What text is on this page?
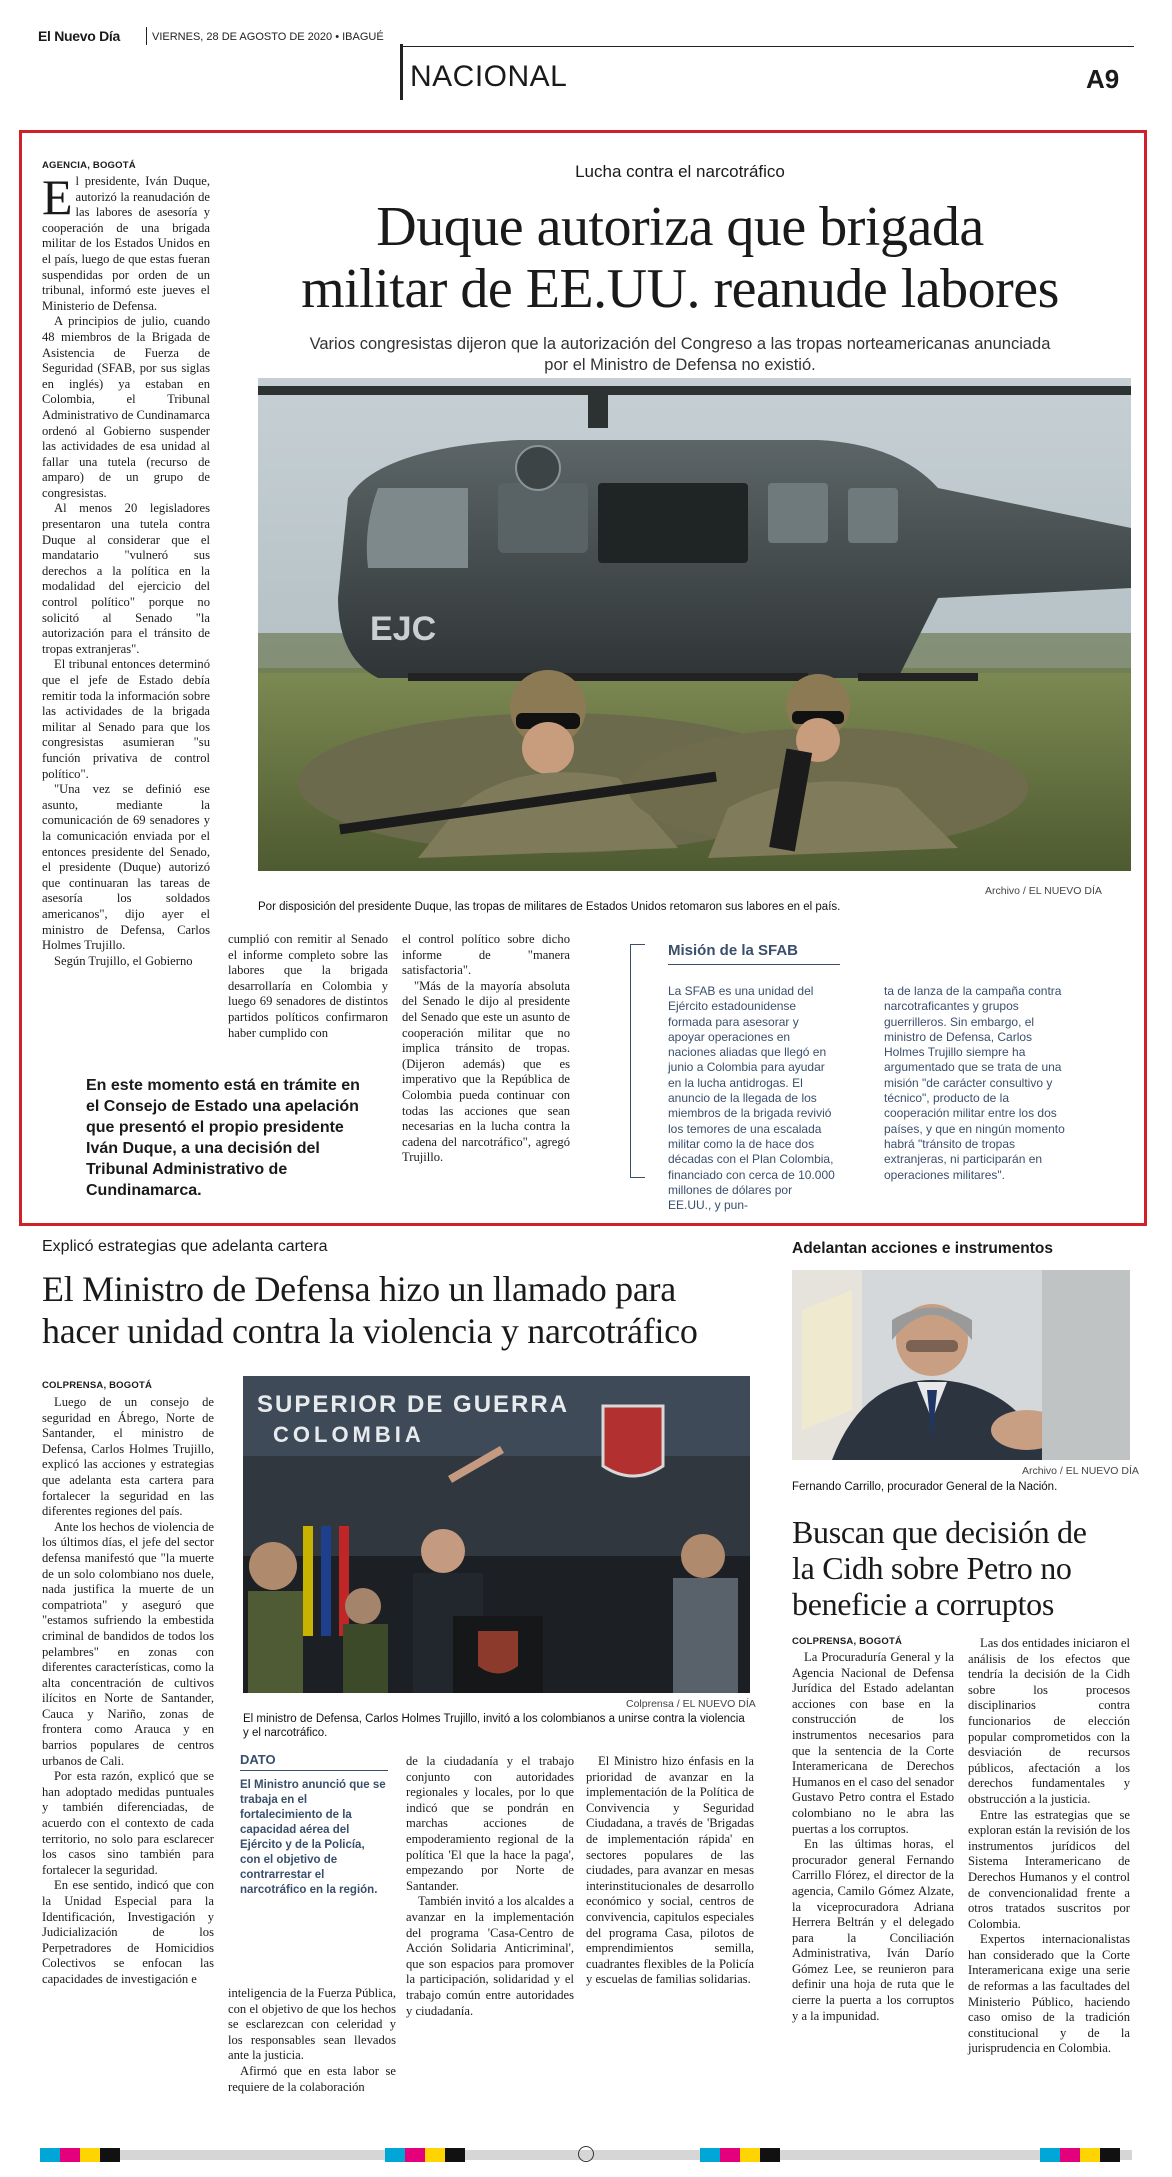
El Nuevo Día	VIERNES, 28 DE AGOSTO DE 2020 • IBAGUÉ
NACIONAL	A9
Lucha contra el narcotráfico
Duque autoriza que brigada
militar de EE.UU. reanude labores
Varios congresistas dijeron que la autorización del Congreso a las tropas norteamericanas anunciada
por el Ministro de Defensa no existió.
EJC
Archivo / EL NUEVO DÍA
Por disposición del presidente Duque, las tropas de militares de Estados Unidos retomaron sus labores en el país.
AGENCIA, BOGOTÁ
E l presidente, Iván Duque, autorizó la reanudación de las labores de asesoría y cooperación de una brigada militar de los Estados Unidos en el país, luego de que estas fueran suspendidas por orden de un tribunal, informó este jueves el Ministerio de Defensa.

A principios de julio, cuando 48 miembros de la Brigada de Asistencia de Fuerza de Seguridad (SFAB, por sus siglas en inglés) ya estaban en Colombia, el Tribunal Administrativo de Cundinamarca ordenó al Gobierno suspender las actividades de esa unidad al fallar una tutela (recurso de amparo) de un grupo de congresistas.

Al menos 20 legisladores presentaron una tutela contra Duque al considerar que el mandatario "vulneró sus derechos a la política en la modalidad del ejercicio del control político" porque no solicitó al Senado "la autorización para el tránsito de tropas extranjeras".

El tribunal entonces determinó que el jefe de Estado debía remitir toda la información sobre las actividades de la brigada militar al Senado para que los congresistas asumieran "su función privativa de control político".

"Una vez se definió ese asunto, mediante la comunicación de 69 senadores y la comunicación enviada por el entonces presidente del Senado, el presidente (Duque) autorizó que continuaran las tareas de asesoría los soldados americanos", dijo ayer el ministro de Defensa, Carlos Holmes Trujillo.

Según Trujillo, el Gobierno

cumplió con remitir al Senado el informe completo sobre las labores que la brigada desarrollaría en Colombia y luego 69 senadores de distintos partidos políticos confirmaron haber cumplido con

el control político sobre dicho informe de "manera satisfactoria".

"Más de la mayoría absoluta del Senado le dijo al presidente del Senado que este un asunto de cooperación militar que no implica tránsito de tropas. (Dijeron además) que es imperativo que la República de Colombia pueda continuar con todas las acciones que sean necesarias en la lucha contra la cadena del narcotráfico", agregó Trujillo.

En este momento está en trámite en el Consejo de Estado una apelación que presentó el propio presidente Iván Duque, a una decisión del Tribunal Administrativo de Cundinamarca.
Misión de la SFAB
La SFAB es una unidad del Ejército estadounidense formada para asesorar y apoyar operaciones en naciones aliadas que llegó en junio a Colombia para ayudar en la lucha antidrogas. El anuncio de la llegada de los miembros de la brigada revivió los temores de una escalada militar como la de hace dos décadas con el Plan Colombia, financiado con cerca de 10.000 millones de dólares por EE.UU., y pun-
ta de lanza de la campaña contra narcotraficantes y grupos guerrilleros. Sin embargo, el ministro de Defensa, Carlos Holmes Trujillo siempre ha argumentado que se trata de una misión "de carácter consultivo y técnico", producto de la cooperación militar entre los dos países, y que en ningún momento habrá "tránsito de tropas extranjeras, ni participarán en operaciones militares".
Explicó estrategias que adelanta cartera
El Ministro de Defensa hizo un llamado para
hacer unidad contra la violencia y narcotráfico
COLPRENSA, BOGOTÁ

Luego de un consejo de seguridad en Ábrego, Norte de Santander, el ministro de Defensa, Carlos Holmes Trujillo, explicó las acciones y estrategias que adelanta esta cartera para fortalecer la seguridad en las diferentes regiones del país.

Ante los hechos de violencia de los últimos días, el jefe del sector defensa manifestó que "la muerte de un solo colombiano nos duele, nada justifica la muerte de un compatriota" y aseguró que "estamos sufriendo la embestida criminal de bandidos de todos los pelambres" en zonas con diferentes características, como la alta concentración de cultivos ilícitos en Norte de Santander, Cauca y Nariño, zonas de frontera como Arauca y en barrios populares de centros urbanos de Cali.

Por esta razón, explicó que se han adoptado medidas puntuales y también diferenciadas, de acuerdo con el contexto de cada territorio, no solo para esclarecer los casos sino también para fortalecer la seguridad.

En ese sentido, indicó que con la Unidad Especial para la Identificación, Investigación y Judicialización de los Perpetradores de Homicidios Colectivos se enfocan las capacidades de investigación e

SUPERIOR DE GUERRA
COLOMBIA
Colprensa / EL NUEVO DÍA
El ministro de Defensa, Carlos Holmes Trujillo, invitó a los colombianos a unirse contra la violencia y el narcotráfico.
DATO
El Ministro anunció que se trabaja en el fortalecimiento de la capacidad aérea del Ejército y de la Policía, con el objetivo de contrarrestar el narcotráfico en la región.

inteligencia de la Fuerza Pública, con el objetivo de que los hechos se esclarezcan con celeridad y los responsables sean llevados ante la justicia.

Afirmó que en esta labor se requiere de la colaboración

de la ciudadanía y el trabajo conjunto con autoridades regionales y locales, por lo que indicó que se pondrán en marchas acciones de empoderamiento regional de la política 'El que la hace la paga', empezando por Norte de Santander.

También invitó a los alcaldes a avanzar en la implementación del programa 'Casa-Centro de Acción Solidaria Anticriminal', que son espacios para promover la participación, solidaridad y el trabajo común entre autoridades y ciudadanía.

El Ministro hizo énfasis en la prioridad de avanzar en la implementación de la Política de Convivencia y Seguridad Ciudadana, a través de 'Brigadas de implementación rápida' en sectores populares de las ciudades, para avanzar en mesas interinstitucionales de desarrollo económico y social, centros de convivencia, capitulos especiales del programa Casa, pilotos de emprendimientos semilla, cuadrantes flexibles de la Policía y escuelas de familias solidarias.

Adelantan acciones e instrumentos
Archivo / EL NUEVO DÍA
Fernando Carrillo, procurador General de la Nación.
Buscan que decisión de
la Cidh sobre Petro no
beneficie a corruptos
COLPRENSA, BOGOTÁ

La Procuraduría General y la Agencia Nacional de Defensa Jurídica del Estado adelantan acciones con base en la construcción de los instrumentos necesarios para que la sentencia de la Corte Interamericana de Derechos Humanos en el caso del senador Gustavo Petro contra el Estado colombiano no le abra las puertas a los corruptos.

En las últimas horas, el procurador general Fernando Carrillo Flórez, el director de la agencia, Camilo Gómez Alzate, la viceprocuradora Adriana Herrera Beltrán y el delegado para la Conciliación Administrativa, Iván Darío Gómez Lee, se reunieron para definir una hoja de ruta que le cierre la puerta a los corruptos y a la impunidad.

Las dos entidades iniciaron el análisis de los efectos que tendría la decisión de la Cidh sobre los procesos disciplinarios contra funcionarios de elección popular comprometidos con la desviación de recursos públicos, afectación a los derechos fundamentales y obstrucción a la justicia.

Entre las estrategias que se exploran están la revisión de los instrumentos jurídicos del Sistema Interamericano de Derechos Humanos y el control de convencionalidad frente a otros tratados suscritos por Colombia.

Expertos internacionalistas han considerado que la Corte Interamericana exige una serie de reformas a las facultades del Ministerio Público, haciendo caso omiso de la tradición constitucional y de la jurisprudencia en Colombia.
